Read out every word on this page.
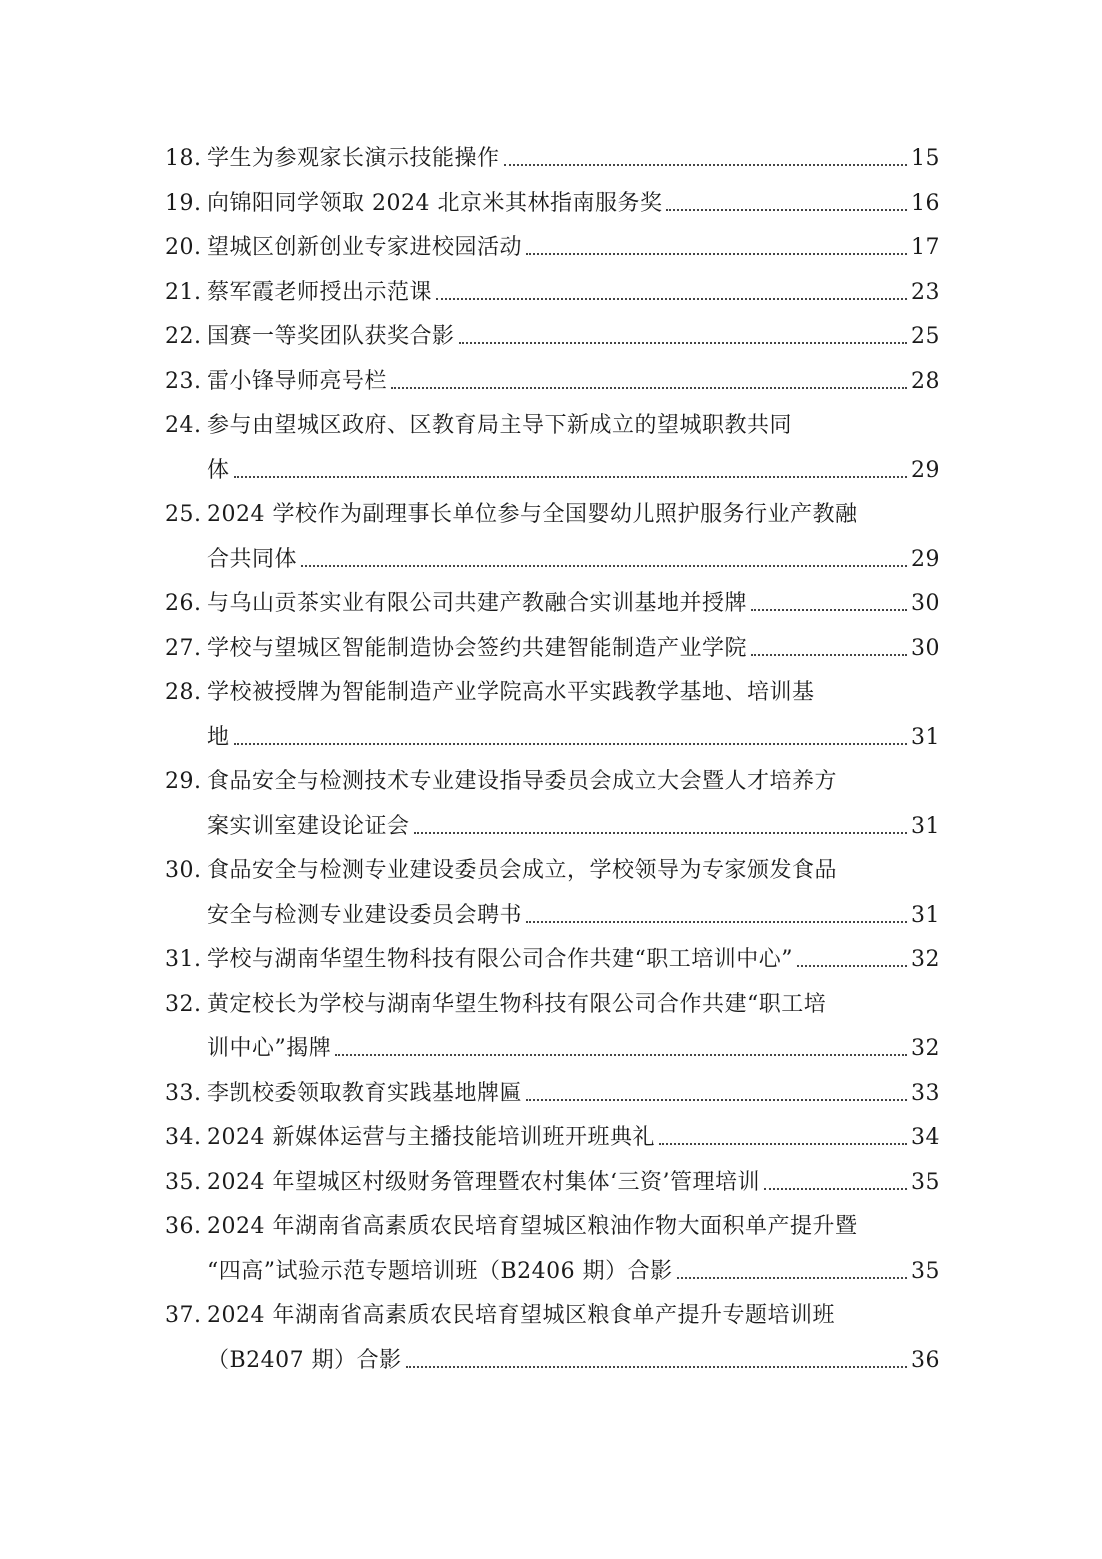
18. 学生为参观家长演示技能操作	15
19. 向锦阳同学领取 2024 北京米其林指南服务奖	16
20. 望城区创新创业专家进校园活动	17
21. 蔡军霞老师授出示范课	23
22. 国赛一等奖团队获奖合影	25
23. 雷小锋导师亮号栏	28
24. 参与由望城区政府、区教育局主导下新成立的望城职教共同
体	29
25. 2024 学校作为副理事长单位参与全国婴幼儿照护服务行业产教融
合共同体	29
26. 与乌山贡茶实业有限公司共建产教融合实训基地并授牌	30
27. 学校与望城区智能制造协会签约共建智能制造产业学院	30
28. 学校被授牌为智能制造产业学院高水平实践教学基地、培训基
地	31
29. 食品安全与检测技术专业建设指导委员会成立大会暨人才培养方
案实训室建设论证会	31
30. 食品安全与检测专业建设委员会成立，学校领导为专家颁发食品
安全与检测专业建设委员会聘书	31
31. 学校与湖南华望生物科技有限公司合作共建“职工培训中心”	32
32. 黄定校长为学校与湖南华望生物科技有限公司合作共建“职工培
训中心”揭牌	32
33. 李凯校委领取教育实践基地牌匾	33
34. 2024 新媒体运营与主播技能培训班开班典礼	34
35. 2024 年望城区村级财务管理暨农村集体‘三资’管理培训	35
36. 2024 年湖南省高素质农民培育望城区粮油作物大面积单产提升暨
“四高”试验示范专题培训班（B2406 期）合影	35
37. 2024 年湖南省高素质农民培育望城区粮食单产提升专题培训班
（B2407 期）合影	36
